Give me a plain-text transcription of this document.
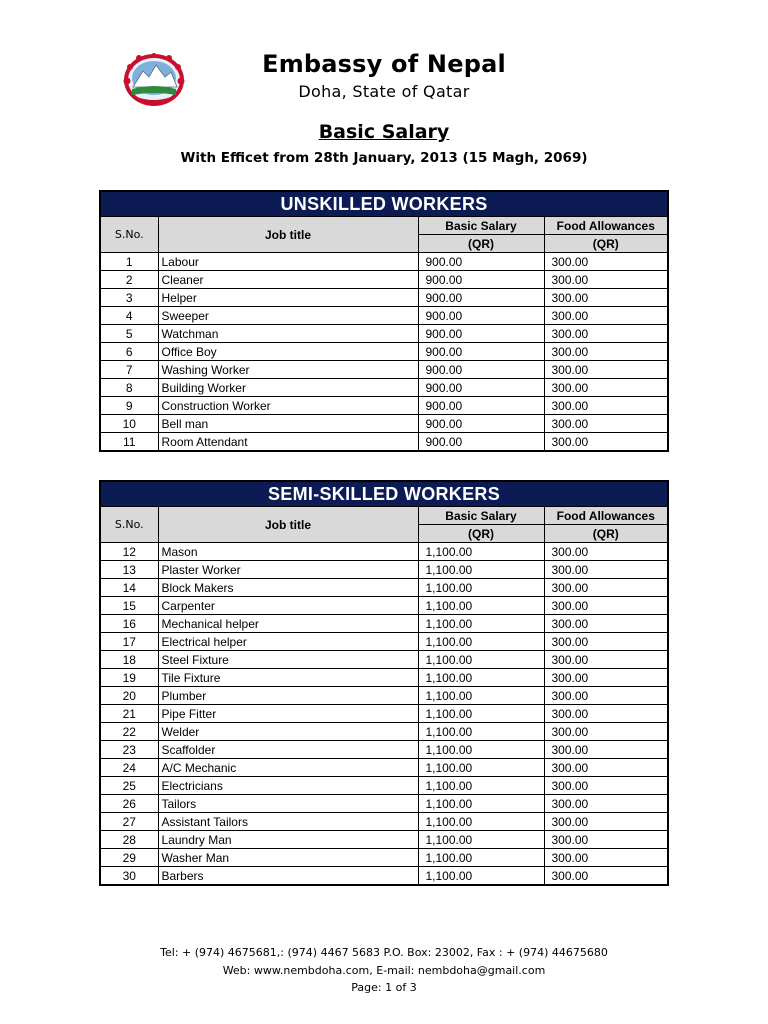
Embassy of Nepal
Doha, State of Qatar
Basic Salary
With Efficet from 28th January, 2013 (15 Magh, 2069)
UNSKILLED WORKERS			
S.No.	Job title	Basic Salary	Food Allowances
		(QR)	(QR)
1	Labour	900.00	300.00
2	Cleaner	900.00	300.00
3	Helper	900.00	300.00
4	Sweeper	900.00	300.00
5	Watchman	900.00	300.00
6	Office Boy	900.00	300.00
7	Washing Worker	900.00	300.00
8	Building Worker	900.00	300.00
9	Construction Worker	900.00	300.00
10	Bell man	900.00	300.00
11	Room Attendant	900.00	300.00
SEMI-SKILLED WORKERS			
S.No.	Job title	Basic Salary	Food Allowances
		(QR)	(QR)
12	Mason	1,100.00	300.00
13	Plaster Worker	1,100.00	300.00
14	Block Makers	1,100.00	300.00
15	Carpenter	1,100.00	300.00
16	Mechanical helper	1,100.00	300.00
17	Electrical helper	1,100.00	300.00
18	Steel Fixture	1,100.00	300.00
19	Tile Fixture	1,100.00	300.00
20	Plumber	1,100.00	300.00
21	Pipe Fitter	1,100.00	300.00
22	Welder	1,100.00	300.00
23	Scaffolder	1,100.00	300.00
24	A/C Mechanic	1,100.00	300.00
25	Electricians	1,100.00	300.00
26	Tailors	1,100.00	300.00
27	Assistant Tailors	1,100.00	300.00
28	Laundry Man	1,100.00	300.00
29	Washer Man	1,100.00	300.00
30	Barbers	1,100.00	300.00
Tel: + (974) 4675681,: (974) 4467 5683 P.O. Box: 23002, Fax : + (974) 44675680
Web: www.nembdoha.com, E-mail: nembdoha@gmail.com
Page: 1 of 3
